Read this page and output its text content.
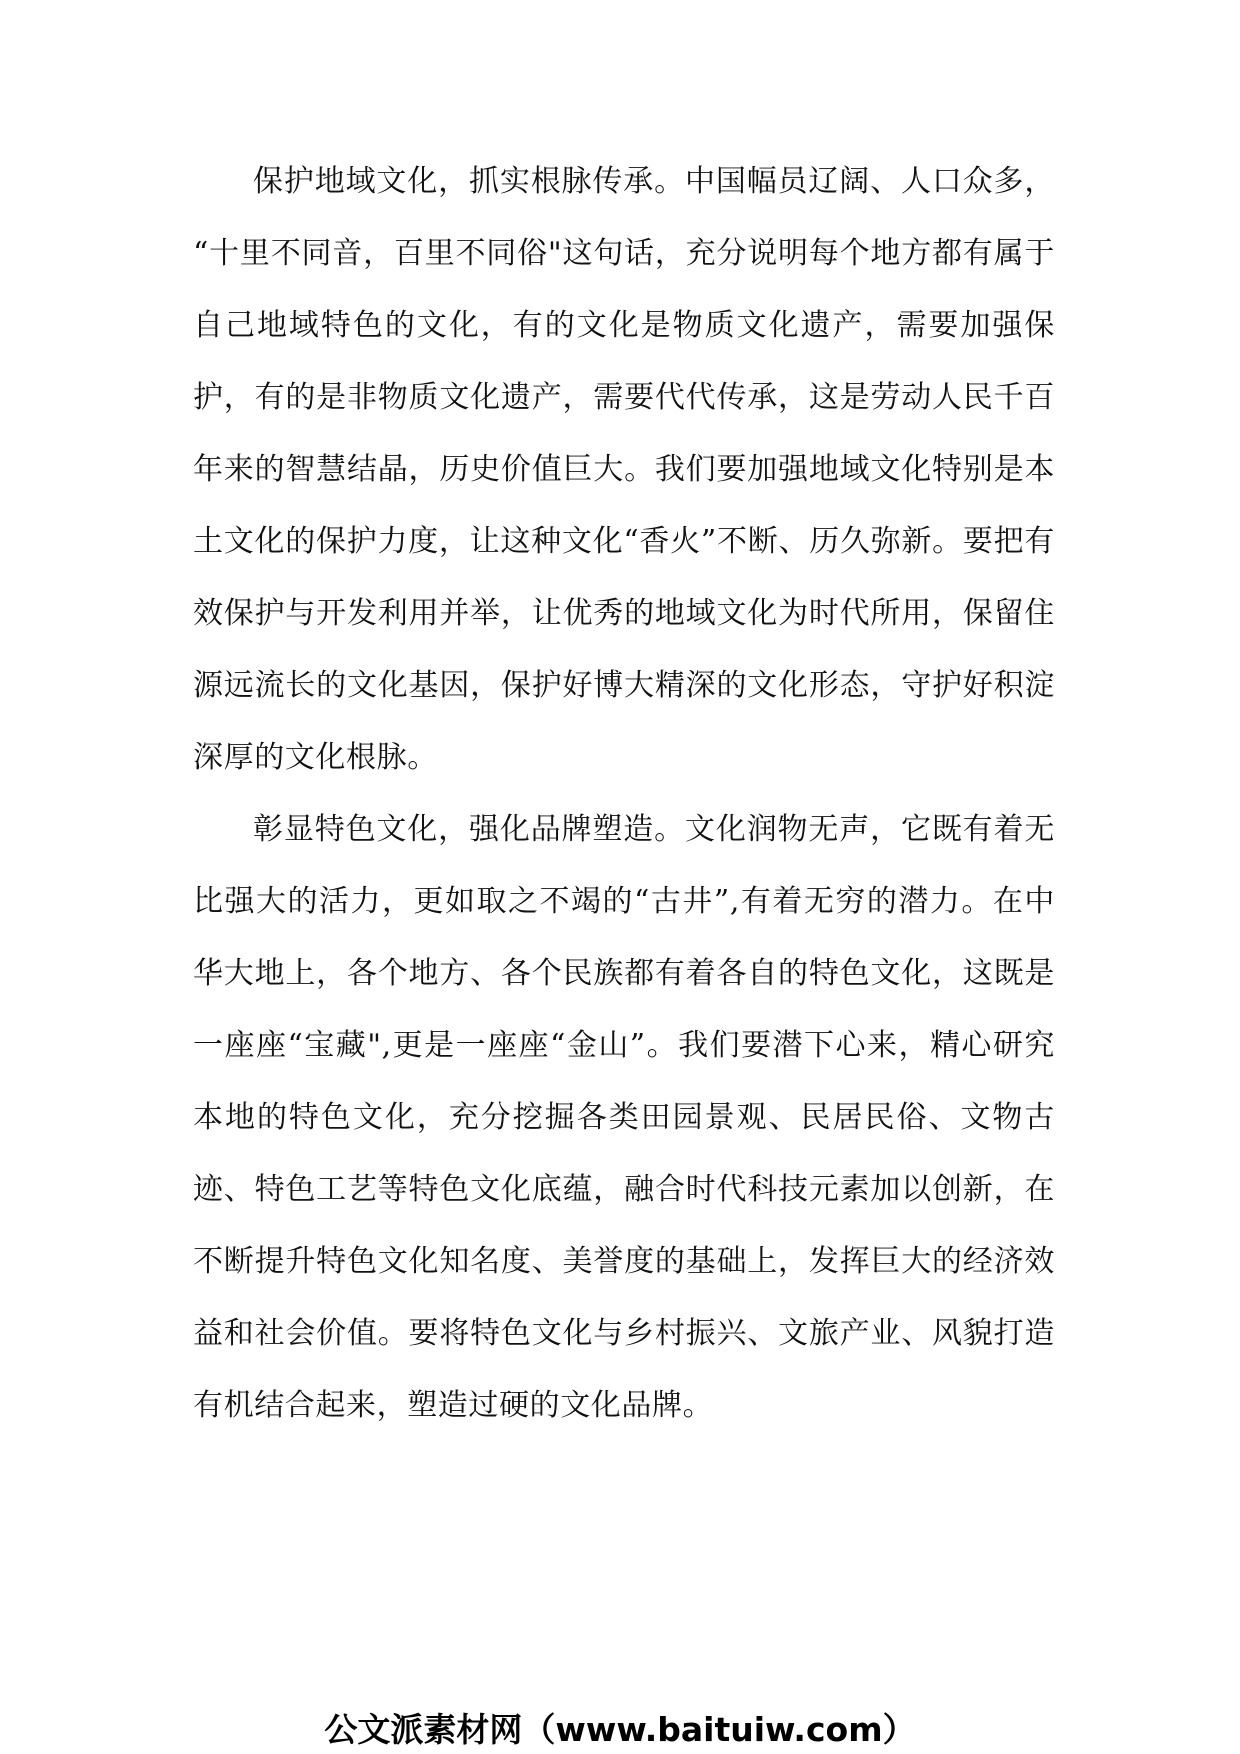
保护地域文化，抓实根脉传承。中国幅员辽阔、人口众多， “十里不同音，百里不同俗"这句话，充分说明每个地方都有属于自己地域特色的文化，有的文化是物质文化遗产，需要加强保护，有的是非物质文化遗产，需要代代传承，这是劳动人民千百年来的智慧结晶，历史价值巨大。我们要加强地域文化特别是本土文化的保护力度，让这种文化“香火”不断、历久弥新。要把有效保护与开发利用并举，让优秀的地域文化为时代所用，保留住源远流长的文化基因，保护好博大精深的文化形态，守护好积淀深厚的文化根脉。

彰显特色文化，强化品牌塑造。文化润物无声，它既有着无比强大的活力，更如取之不竭的“古井”,有着无穷的潜力。在中华大地上，各个地方、各个民族都有着各自的特色文化，这既是一座座“宝藏",更是一座座“金山”。我们要潜下心来，精心研究本地的特色文化，充分挖掘各类田园景观、民居民俗、文物古迹、特色工艺等特色文化底蕴，融合时代科技元素加以创新，在不断提升特色文化知名度、美誉度的基础上，发挥巨大的经济效益和社会价值。要将特色文化与乡村振兴、文旅产业、风貌打造有机结合起来，塑造过硬的文化品牌。

公文派素材网（www.baituiw.com）
